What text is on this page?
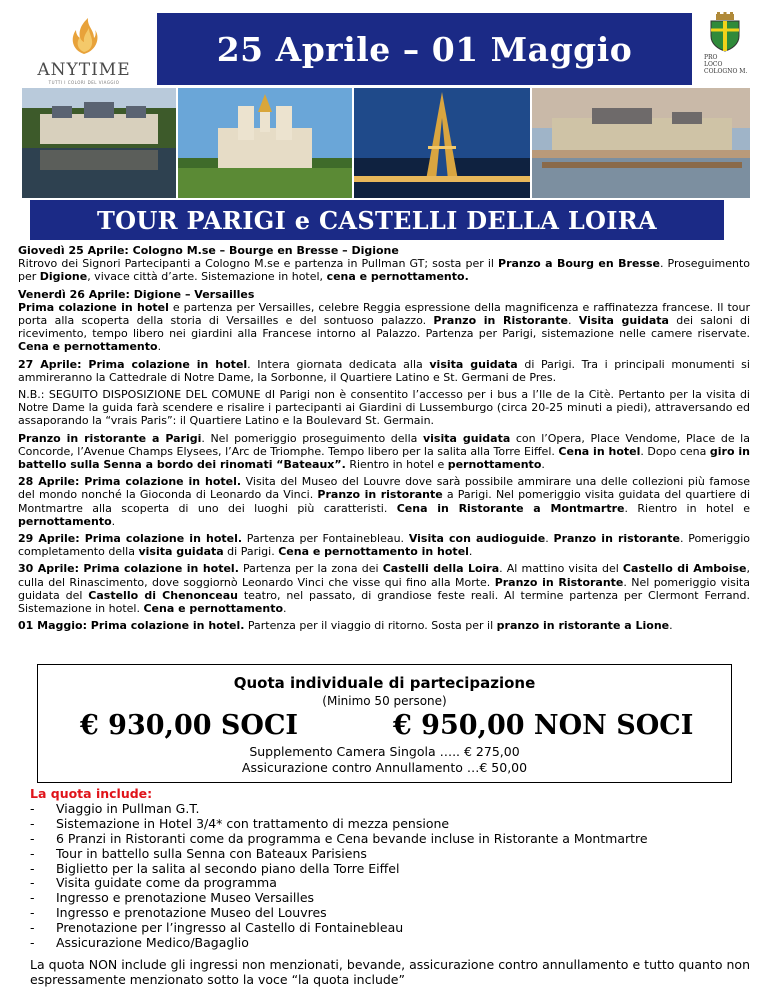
ANYTIME
TUTTI I COLORI DEL VIAGGIO
25 Aprile – 01 Maggio	PRO
LOCO
COLOGNO M.
TOUR PARIGI e CASTELLI DELLA LOIRA

Giovedì 25 Aprile: Cologno M.se – Bourge en Bresse – Digione
Ritrovo dei Signori Partecipanti a Cologno M.se e partenza in Pullman GT; sosta per il Pranzo a Bourg en Bresse. Proseguimento per Digione, vivace città d’arte. Sistemazione in hotel, cena e pernottamento.

Venerdì 26 Aprile: Digione – Versailles
Prima colazione in hotel e partenza per Versailles, celebre Reggia espressione della magnificenza e raffinatezza francese. Il tour porta alla scoperta della storia di Versailles e del sontuoso palazzo. Pranzo in Ristorante. Visita guidata dei saloni di ricevimento, tempo libero nei giardini alla Francese intorno al Palazzo. Partenza per Parigi, sistemazione nelle camere riservate. Cena e pernottamento.

27 Aprile: Prima colazione in hotel. Intera giornata dedicata alla visita guidata di Parigi. Tra i principali monumenti si ammireranno la Cattedrale di Notre Dame, la Sorbonne, il Quartiere Latino e St. Germani de Pres.

N.B.: SEGUITO DISPOSIZIONE DEL COMUNE dI Parigi non è consentito l’accesso per i bus a l’Ile de la Citè. Pertanto per la visita di Notre Dame la guida farà scendere e risalire i partecipanti ai Giardini di Lussemburgo (circa 20-25 minuti a piedi), attraversando ed assaporando la “vrais Paris”: il Quartiere Latino e la Boulevard St. Germain.

Pranzo in ristorante a Parigi. Nel pomeriggio proseguimento della visita guidata con l’Opera, Place Vendome, Place de la Concorde, l’Avenue Champs Elysees, l’Arc de Triomphe. Tempo libero per la salita alla Torre Eiffel. Cena in hotel. Dopo cena giro in battello sulla Senna a bordo dei rinomati “Bateaux”. Rientro in hotel e pernottamento.

28 Aprile: Prima colazione in hotel. Visita del Museo del Louvre dove sarà possibile ammirare una delle collezioni più famose del mondo nonché la Gioconda di Leonardo da Vinci. Pranzo in ristorante a Parigi. Nel pomeriggio visita guidata del quartiere di Montmartre alla scoperta di uno dei luoghi più caratteristi. Cena in Ristorante a Montmartre. Rientro in hotel e pernottamento.

29 Aprile: Prima colazione in hotel. Partenza per Fontainebleau. Visita con audioguide. Pranzo in ristorante. Pomeriggio completamento della visita guidata di Parigi. Cena e pernottamento in hotel.

30 Aprile: Prima colazione in hotel. Partenza per la zona dei Castelli della Loira. Al mattino visita del Castello di Amboise, culla del Rinascimento, dove soggiornò Leonardo Vinci che visse qui fino alla Morte. Pranzo in Ristorante. Nel pomeriggio visita guidata del Castello di Chenonceau teatro, nel passato, di grandiose feste reali. Al termine partenza per Clermont Ferrand. Sistemazione in hotel. Cena e pernottamento.

01 Maggio: Prima colazione in hotel. Partenza per il viaggio di ritorno. Sosta per il pranzo in ristorante a Lione.

Quota individuale di partecipazione
(Minimo 50 persone)
€ 930,00 SOCI	€ 950,00 NON SOCI
Supplemento Camera Singola ….. € 275,00
Assicurazione contro Annullamento …€ 50,00
La quota include:
- Viaggio in Pullman G.T.
- Sistemazione in Hotel 3/4* con trattamento di mezza pensione
- 6 Pranzi in Ristoranti come da programma e Cena bevande incluse in Ristorante a Montmartre
- Tour in battello sulla Senna con Bateaux Parisiens
- Biglietto per la salita al secondo piano della Torre Eiffel
- Visita guidate come da programma
- Ingresso e prenotazione Museo Versailles
- Ingresso e prenotazione Museo del Louvres
- Prenotazione per l’ingresso al Castello di Fontainebleau
- Assicurazione Medico/Bagaglio
La quota NON include gli ingressi non menzionati, bevande, assicurazione contro annullamento e tutto quanto non espressamente menzionato sotto la voce “la quota include”
